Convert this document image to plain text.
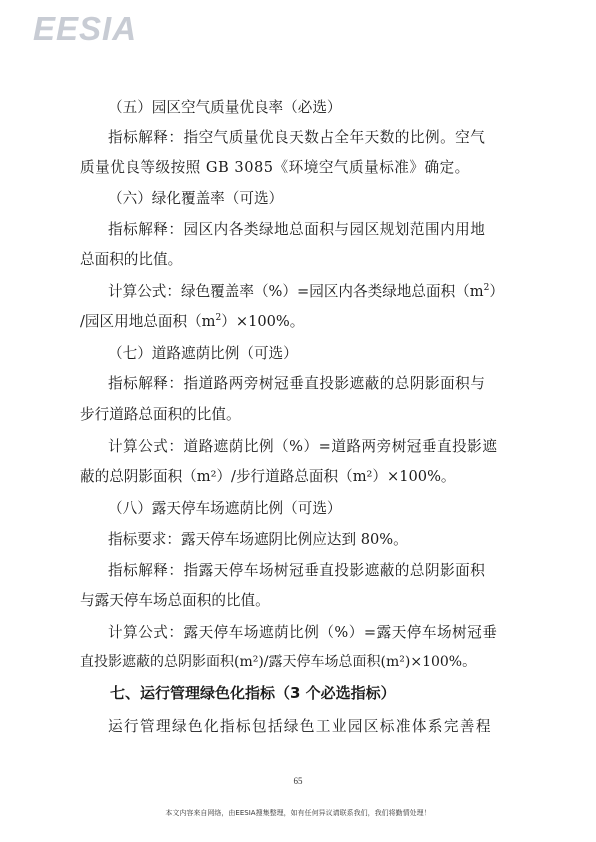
EESIA
（五）园区空气质量优良率（必选）
指标解释：指空气质量优良天数占全年天数的比例。空气
质量优良等级按照 GB 3085《环境空气质量标准》确定。
（六）绿化覆盖率（可选）
指标解释：园区内各类绿地总面积与园区规划范围内用地
总面积的比值。
计算公式：绿色覆盖率（%）=园区内各类绿地总面积$(m^2)$
/园区用地总面积$(m^2)\times 100\%$。
（七）道路遮荫比例（可选）
指标解释：指道路两旁树冠垂直投影遮蔽的总阴影面积与
步行道路总面积的比值。
计算公式：道路遮荫比例（%）=道路两旁树冠垂直投影遮
蔽的总阴影面积（m²）/步行道路总面积（m²）×100%。
（八）露天停车场遮荫比例（可选）
指标要求：露天停车场遮阴比例应达到 80%。
指标解释：指露天停车场树冠垂直投影遮蔽的总阴影面积
与露天停车场总面积的比值。
计算公式：露天停车场遮荫比例（%）=露天停车场树冠垂
直投影遮蔽的总阴影面积(m²)/露天停车场总面积(m²)×100%。
七、运行管理绿色化指标（3 个必选指标）
运行管理绿色化指标包括绿色工业园区标准体系完善程
65
本文内容来自网络，由EESIA搜集整理，如有任何异议请联系我们，我们将勤情处理！
